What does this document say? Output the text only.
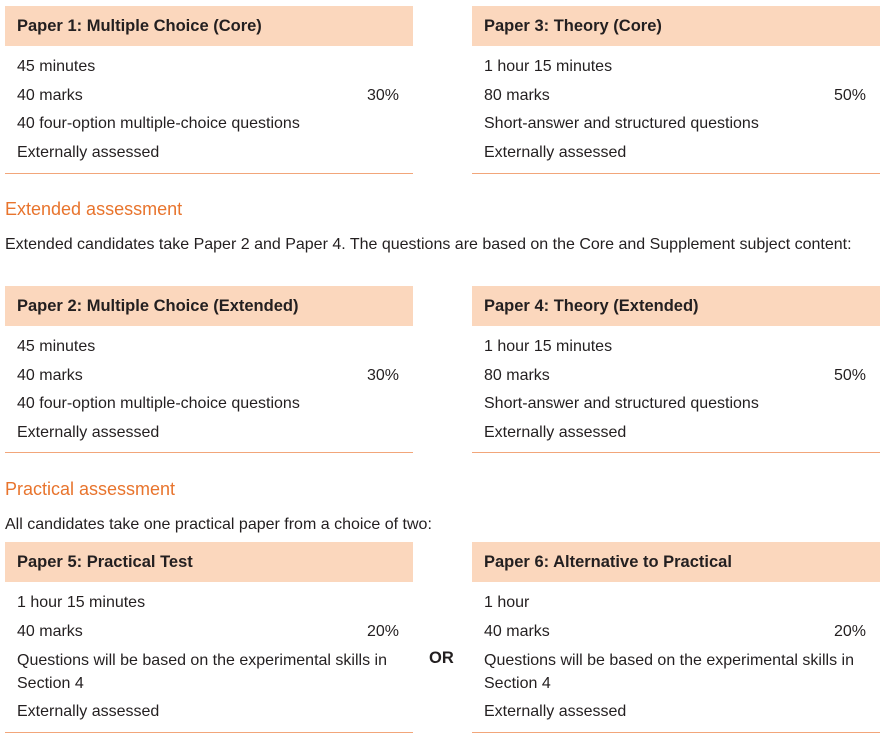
Paper 1: Multiple Choice (Core)
45 minutes
40 marks	30%
40 four-option multiple-choice questions
Externally assessed
Paper 3: Theory (Core)
1 hour 15 minutes
80 marks	50%
Short-answer and structured questions
Externally assessed
Extended assessment
Extended candidates take Paper 2 and Paper 4. The questions are based on the Core and Supplement subject content:
Paper 2: Multiple Choice (Extended)
45 minutes
40 marks	30%
40 four-option multiple-choice questions
Externally assessed
Paper 4: Theory (Extended)
1 hour 15 minutes
80 marks	50%
Short-answer and structured questions
Externally assessed
Practical assessment
All candidates take one practical paper from a choice of two:
Paper 5: Practical Test
1 hour 15 minutes
40 marks	20%
Questions will be based on the experimental skills in Section 4
Externally assessed
OR
Paper 6: Alternative to Practical
1 hour
40 marks	20%
Questions will be based on the experimental skills in Section 4
Externally assessed
